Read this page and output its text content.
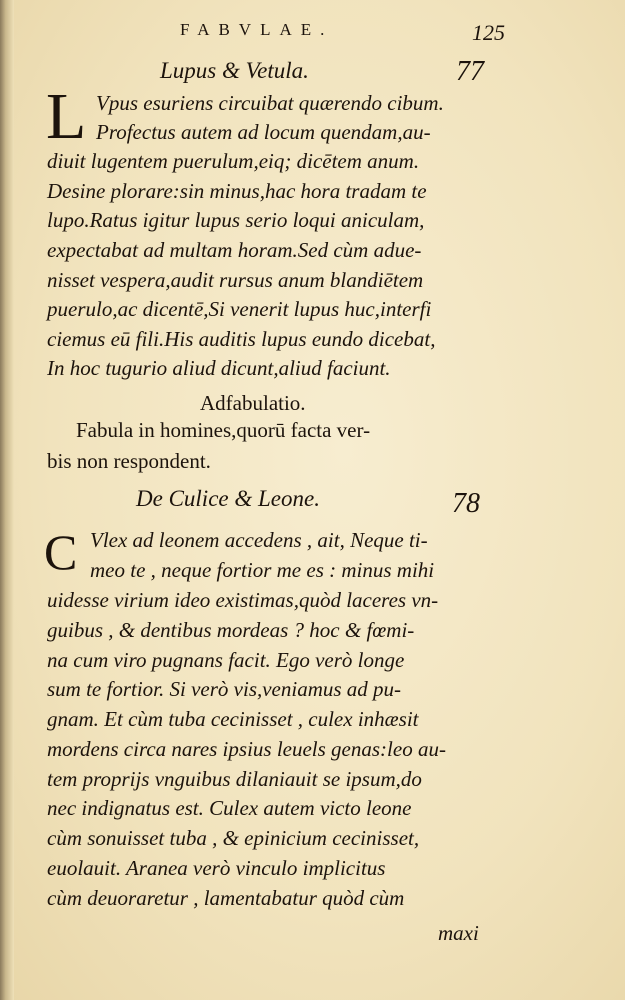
FABVLAE.	125
Lupus & Vetula.	77
L Vpus esuriens circuibat quærendo cibum.
Profectus autem ad locum quendam,au-
diuit lugentem puerulum,eiq; dicētem anum.
Desine plorare:sin minus,hac hora tradam te
lupo.Ratus igitur lupus serio loqui aniculam,
expectabat ad multam horam.Sed cùm adue-
nisset vespera,audit rursus anum blandiētem
puerulo,ac dicentē,Si venerit lupus huc,interfi
ciemus eū fili.His auditis lupus eundo dicebat,
In hoc tugurio aliud dicunt,aliud faciunt.
Adfabulatio.
Fabula in homines,quorū facta ver-
bis non respondent.
De Culice & Leone.	78
C Vlex ad leonem accedens , ait, Neque ti-
meo te , neque fortior me es : minus mihi
uidesse virium ideo existimas,quòd laceres vn-
guibus , & dentibus mordeas ? hoc & fœmi-
na cum viro pugnans facit. Ego verò longe
sum te fortior. Si verò vis,veniamus ad pu-
gnam. Et cùm tuba cecinisset , culex inhæsit
mordens circa nares ipsius leuels genas:leo au-
tem proprijs vnguibus dilaniauit se ipsum,do
nec indignatus est. Culex autem victo leone
cùm sonuisset tuba , & epinicium cecinisset,
euolauit. Aranea verò vinculo implicitus
cùm deuoraretur , lamentabatur quòd cùm
maxi
